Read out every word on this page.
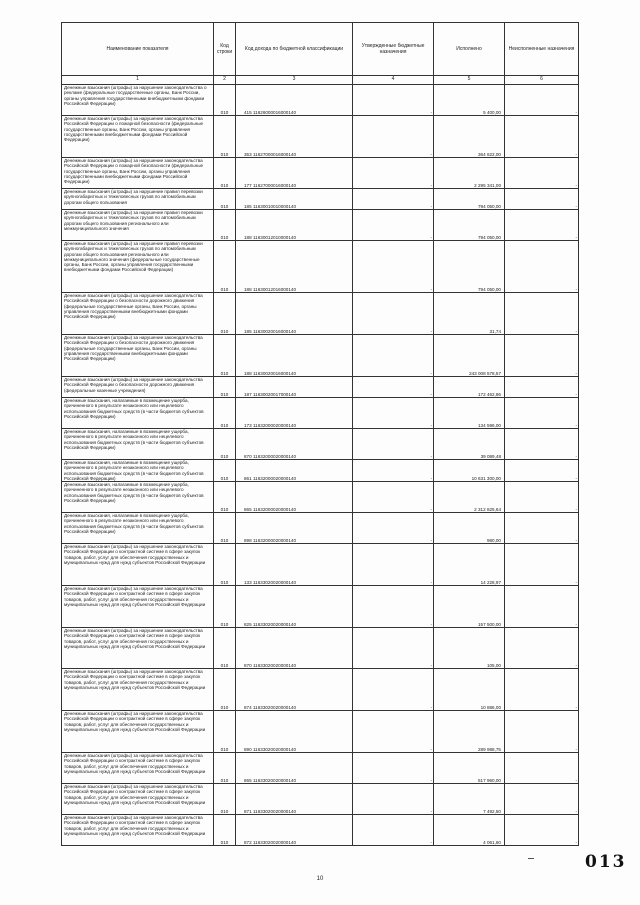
Наименование показателя	Код строки	Код дохода по бюджетной классификации	Утвержденные бюджетные назначения	Исполнено	Неисполненные назначения
1	2	3	4	5	6
Денежные взыскания (штрафы) за нарушение законодательства о рекламе (федеральные государственные органы, Банк России, органы управления государственными внебюджетными фондами Российской Федерации)	010	415 11626000016000140	-	5 400,00	-
Денежные взыскания (штрафы) за нарушение законодательства Российской Федерации о пожарной безопасности (федеральные государственные органы, Банк России, органы управления государственными внебюджетными фондами Российской Федерации)	010	353 11627000016000140	-	364 622,00	-
Денежные взыскания (штрафы) за нарушение законодательства Российской Федерации о пожарной безопасности (федеральные государственные органы, Банк России, органы управления государственными внебюджетными фондами Российской Федерации)	010	177 11627000016000140	-	2 295 341,00	-
Денежные взыскания (штрафы) за нарушение правил перевозки крупногабаритных и тяжеловесных грузов по автомобильным дорогам общего пользования	010	185 11630010010000140	-	794 050,00	-
Денежные взыскания (штрафы) за нарушение правил перевозки крупногабаритных и тяжеловесных грузов по автомобильным дорогам общего пользования регионального или межмуниципального значения	010	188 11630012010000140	-	794 050,00	-
Денежные взыскания (штрафы) за нарушение правил перевозки крупногабаритных и тяжеловесных грузов по автомобильным дорогам общего пользования регионального или межмуниципального значения (федеральные государственные органы, Банк России, органы управления государственными внебюджетными фондами Российской Федерации)	010	188 11630012016000140	-	794 050,00	-
Денежные взыскания (штрафы) за нарушение законодательства Российской Федерации о безопасности дорожного движения (федеральные государственные органы, Банк России, органы управления государственными внебюджетными фондами Российской Федерации)	010	185 11630020016000140	-	31,74	-
Денежные взыскания (штрафы) за нарушение законодательства Российской Федерации о безопасности дорожного движения (федеральные государственные органы, Банк России, органы управления государственными внебюджетными фондами Российской Федерации)	010	188 11630020016000140	-	243 008 578,57	-
Денежные взыскания (штрафы) за нарушение законодательства Российской Федерации о безопасности дорожного движения (федеральные казенные учреждения)	010	187 11630020017000140	-	172 462,86	-
Денежные взыскания, налагаемые в возмещение ущерба, причиненного в результате незаконного или нецелевого использования бюджетных средств (в части бюджетов субъектов Российской Федерации)	010	173 11632000020000140	-	134 596,00	-
Денежные взыскания, налагаемые в возмещение ущерба, причиненного в результате незаконного или нецелевого использования бюджетных средств (в части бюджетов субъектов Российской Федерации)	010	870 11632000020000140	-	39 089,48	-
Денежные взыскания, налагаемые в возмещение ущерба, причиненного в результате незаконного или нецелевого использования бюджетных средств (в части бюджетов субъектов Российской Федерации)	010	861 11632000020000140	-	10 631 300,00	-
Денежные взыскания, налагаемые в возмещение ущерба, причиненного в результате незаконного или нецелевого использования бюджетных средств (в части бюджетов субъектов Российской Федерации)	010	865 11632000020000140	-	2 312 825,64	-
Денежные взыскания, налагаемые в возмещение ущерба, причиненного в результате незаконного или нецелевого использования бюджетных средств (в части бюджетов субъектов Российской Федерации)	010	898 11632000020000140	-	980,00	-
Денежные взыскания (штрафы) за нарушение законодательства Российской Федерации о контрактной системе в сфере закупок товаров, работ, услуг для обеспечения государственных и муниципальных нужд для нужд субъектов Российской Федерации	010	133 11633020020000140	-	14 228,97	-
Денежные взыскания (штрафы) за нарушение законодательства Российской Федерации о контрактной системе в сфере закупок товаров, работ, услуг для обеспечения государственных и муниципальных нужд для нужд субъектов Российской Федерации	010	825 11633020020000140	-	157 500,00	-
Денежные взыскания (штрафы) за нарушение законодательства Российской Федерации о контрактной системе в сфере закупок товаров, работ, услуг для обеспечения государственных и муниципальных нужд для нужд субъектов Российской Федерации	010	870 11633020020000140	-	105,00	-
Денежные взыскания (штрафы) за нарушение законодательства Российской Федерации о контрактной системе в сфере закупок товаров, работ, услуг для обеспечения государственных и муниципальных нужд для нужд субъектов Российской Федерации	010	874 11633020020000140	-	10 886,00	-
Денежные взыскания (штрафы) за нарушение законодательства Российской Федерации о контрактной системе в сфере закупок товаров, работ, услуг для обеспечения государственных и муниципальных нужд для нужд субъектов Российской Федерации	010	890 11633020020000140	-	289 988,75	-
Денежные взыскания (штрафы) за нарушение законодательства Российской Федерации о контрактной системе в сфере закупок товаров, работ, услуг для обеспечения государственных и муниципальных нужд для нужд субъектов Российской Федерации	010	865 11633020020000140	-	517 960,00	-
Денежные взыскания (штрафы) за нарушение законодательства Российской Федерации о контрактной системе в сфере закупок товаров, работ, услуг для обеспечения государственных и муниципальных нужд для нужд субъектов Российской Федерации	010	871 11633020020000140	-	7 492,50	-
Денежные взыскания (штрафы) за нарушение законодательства Российской Федерации о контрактной системе в сфере закупок товаров, работ, услуг для обеспечения государственных и муниципальных нужд для нужд субъектов Российской Федерации	010	872 11633020020000140	-	4 061,60	-
013
10
